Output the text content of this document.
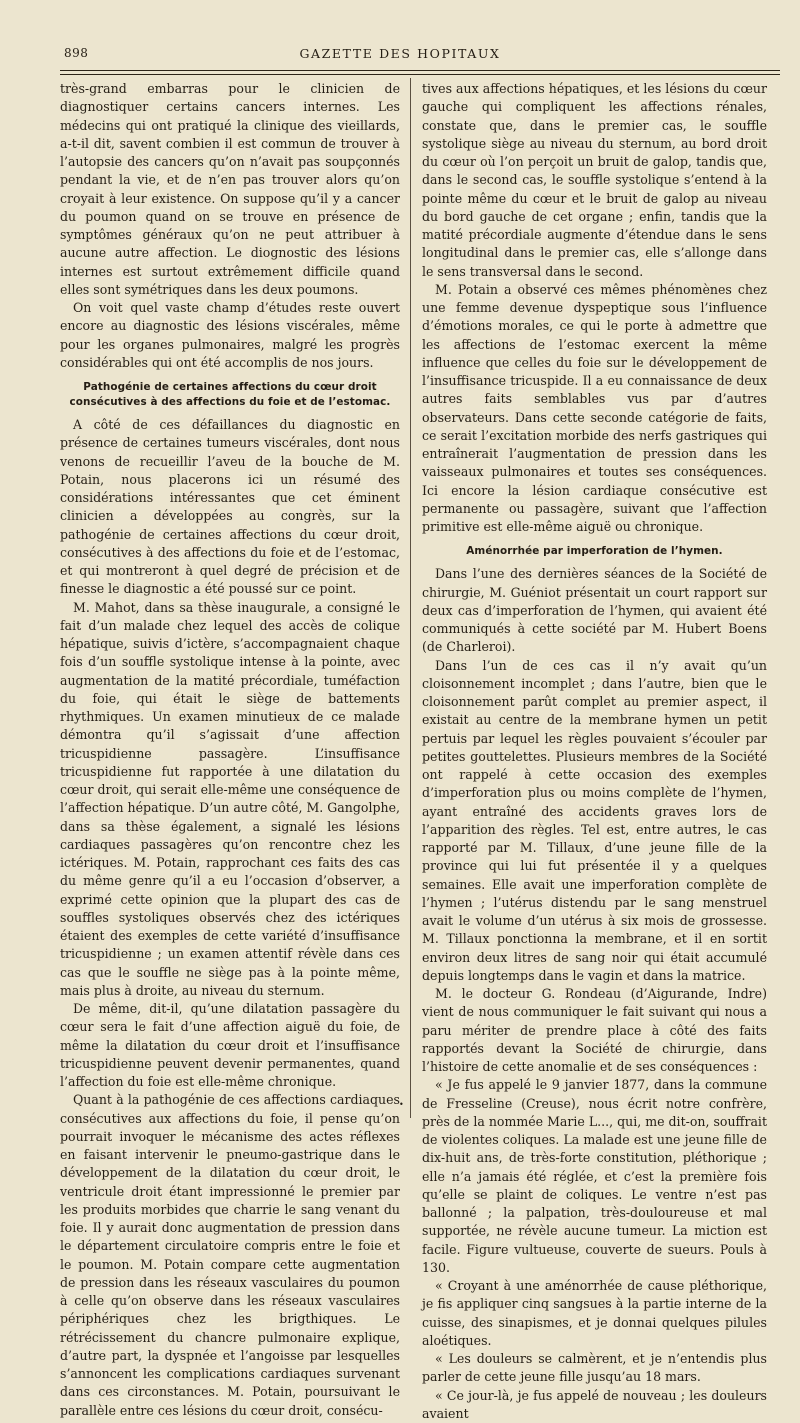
898	GAZETTE DES HOPITAUX

très-grand embarras pour le clinicien de diagnostiquer certains cancers internes. Les médecins qui ont pratiqué la clinique des vieillards, a-t-il dit, savent combien il est commun de trouver à l’autopsie des cancers qu’on n’avait pas soupçonnés pendant la vie, et de n’en pas trouver alors qu’on croyait à leur existence. On suppose qu’il y a cancer du poumon quand on se trouve en présence de symptômes généraux qu’on ne peut attribuer à aucune autre affection. Le diognostic des lésions internes est surtout extrêmement difficile quand elles sont symétriques dans les deux poumons.

On voit quel vaste champ d’études reste ouvert encore au diagnostic des lésions viscérales, même pour les organes pulmonaires, malgré les progrès considérables qui ont été accomplis de nos jours.

Pathogénie de certaines affections du cœur droit consécutives à des affections du foie et de l’estomac.

A côté de ces défaillances du diagnostic en présence de certaines tumeurs viscérales, dont nous venons de recueillir l’aveu de la bouche de M. Potain, nous placerons ici un résumé des considérations intéressantes que cet éminent clinicien a développées au congrès, sur la pathogénie de certaines affections du cœur droit, consécutives à des affections du foie et de l’estomac, et qui montreront à quel degré de précision et de finesse le diagnostic a été poussé sur ce point.

M. Mahot, dans sa thèse inaugurale, a consigné le fait d’un malade chez lequel des accès de colique hépatique, suivis d’ictère, s’accompagnaient chaque fois d’un souffle systolique intense à la pointe, avec augmentation de la matité précordiale, tuméfaction du foie, qui était le siège de battements rhythmiques. Un examen minutieux de ce malade démontra qu’il s’agissait d’une affection tricuspidienne passagère. L’insuffisance tricuspidienne fut rapportée à une dilatation du cœur droit, qui serait elle-même une conséquence de l’affection hépatique. D’un autre côté, M. Gangolphe, dans sa thèse également, a signalé les lésions cardiaques passagères qu’on rencontre chez les ictériques. M. Potain, rapprochant ces faits des cas du même genre qu’il a eu l’occasion d’observer, a exprimé cette opinion que la plupart des cas de souffles systoliques observés chez des ictériques étaient des exemples de cette variété d’insuffisance tricuspidienne ; un examen attentif révèle dans ces cas que le souffle ne siège pas à la pointe même, mais plus à droite, au niveau du sternum.

De même, dit-il, qu’une dilatation passagère du cœur sera le fait d’une affection aiguë du foie, de même la dilatation du cœur droit et l’insuffisance tricuspidienne peuvent devenir permanentes, quand l’affection du foie est elle-même chronique.

Quant à la pathogénie de ces affections cardiaques consécutives aux affections du foie, il pense qu’on pourrait invoquer le mécanisme des actes réflexes en faisant intervenir le pneumo-gastrique dans le développement de la dilatation du cœur droit, le ventricule droit étant impressionné le premier par les produits morbides que charrie le sang venant du foie. Il y aurait donc augmentation de pression dans le département circulatoire compris entre le foie et le poumon. M. Potain compare cette augmentation de pression dans les réseaux vasculaires du poumon à celle qu’on observe dans les réseaux vasculaires périphériques chez les brigthiques. Le rétrécissement du chancre pulmonaire explique, d’autre part, la dyspnée et l’angoisse par lesquelles s’annoncent les complications cardiaques survenant dans ces circonstances. M. Potain, poursuivant le parallèle entre ces lésions du cœur droit, consécu-

tives aux affections hépatiques, et les lésions du cœur gauche qui compliquent les affections rénales, constate que, dans le premier cas, le souffle systolique siège au niveau du sternum, au bord droit du cœur où l’on perçoit un bruit de galop, tandis que, dans le second cas, le souffle systolique s’entend à la pointe même du cœur et le bruit de galop au niveau du bord gauche de cet organe ; enfin, tandis que la matité précordiale augmente d’étendue dans le sens longitudinal dans le premier cas, elle s’allonge dans le sens transversal dans le second.

M. Potain a observé ces mêmes phénomènes chez une femme devenue dyspeptique sous l’influence d’émotions morales, ce qui le porte à admettre que les affections de l’estomac exercent la même influence que celles du foie sur le développement de l’insuffisance tricuspide. Il a eu connaissance de deux autres faits semblables vus par d’autres observateurs. Dans cette seconde catégorie de faits, ce serait l’excitation morbide des nerfs gastriques qui entraînerait l’augmentation de pression dans les vaisseaux pulmonaires et toutes ses conséquences. Ici encore la lésion cardiaque consécutive est permanente ou passagère, suivant que l’affection primitive est elle-même aiguë ou chronique.

Aménorrhée par imperforation de l’hymen.

Dans l’une des dernières séances de la Société de chirurgie, M. Guéniot présentait un court rapport sur deux cas d’imperforation de l’hymen, qui avaient été communiqués à cette société par M. Hubert Boens (de Charleroi).

Dans l’un de ces cas il n’y avait qu’un cloisonnement incomplet ; dans l’autre, bien que le cloisonnement parût complet au premier aspect, il existait au centre de la membrane hymen un petit pertuis par lequel les règles pouvaient s’écouler par petites gouttelettes. Plusieurs membres de la Société ont rappelé à cette occasion des exemples d’imperforation plus ou moins complète de l’hymen, ayant entraîné des accidents graves lors de l’apparition des règles. Tel est, entre autres, le cas rapporté par M. Tillaux, d’une jeune fille de la province qui lui fut présentée il y a quelques semaines. Elle avait une imperforation complète de l’hymen ; l’utérus distendu par le sang menstruel avait le volume d’un utérus à six mois de grossesse. M. Tillaux ponctionna la membrane, et il en sortit environ deux litres de sang noir qui était accumulé depuis longtemps dans le vagin et dans la matrice.

M. le docteur G. Rondeau (d’Aigurande, Indre) vient de nous communiquer le fait suivant qui nous a paru mériter de prendre place à côté des faits rapportés devant la Société de chirurgie, dans l’histoire de cette anomalie et de ses conséquences :

« Je fus appelé le 9 janvier 1877, dans la commune de Fresseline (Creuse), nous écrit notre confrère, près de la nommée Marie L..., qui, me dit-on, souffrait de violentes coliques. La malade est une jeune fille de dix-huit ans, de très-forte constitution, pléthorique ; elle n’a jamais été réglée, et c’est la première fois qu’elle se plaint de coliques. Le ventre n’est pas ballonné ; la palpation, très-douloureuse et mal supportée, ne révèle aucune tumeur. La miction est facile. Figure vultueuse, couverte de sueurs. Pouls à 130.

« Croyant à une aménorrhée de cause pléthorique, je fis appliquer cinq sangsues à la partie interne de la cuisse, des sinapismes, et je donnai quelques pilules aloétiques.

« Les douleurs se calmèrent, et je n’entendis plus parler de cette jeune fille jusqu’au 18 mars.

« Ce jour-là, je fus appelé de nouveau ; les douleurs avaient

•
